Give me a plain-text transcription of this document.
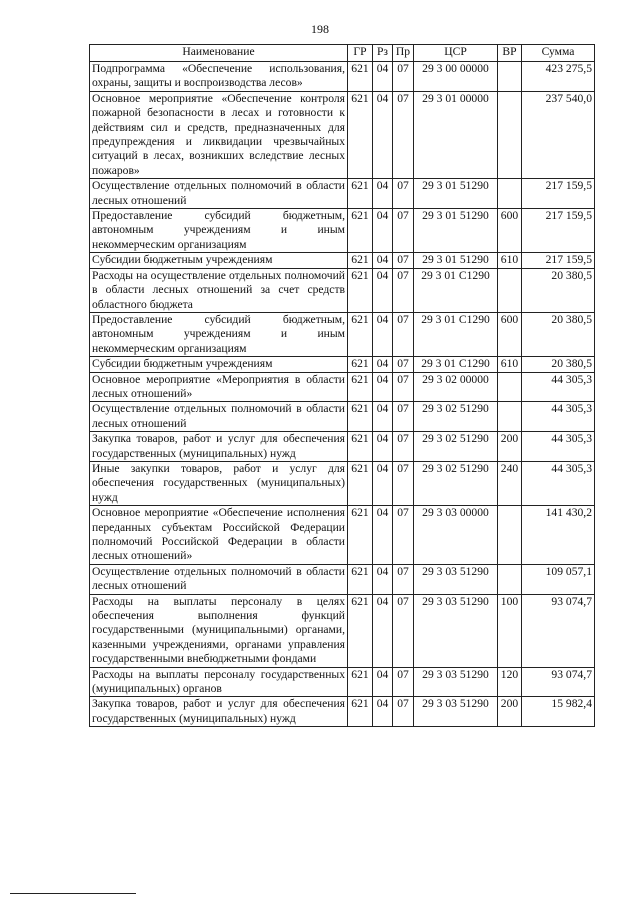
198
Наименование	ГР	Рз	Пр	ЦСР	ВР	Сумма
Подпрограмма «Обеспечение использования, охраны, защиты и воспроизводства лесов»	621	04	07	29 3 00 00000		423 275,5
Основное мероприятие «Обеспечение контроля пожарной безопасности в лесах и готовности к действиям сил и средств, предназначенных для предупреждения и ликвидации чрезвычайных ситуаций в лесах, возникших вследствие лесных пожаров»	621	04	07	29 3 01 00000		237 540,0
Осуществление отдельных полномочий в области лесных отношений	621	04	07	29 3 01 51290		217 159,5
Предоставление субсидий бюджетным, автономным учреждениям и иным некоммерческим организациям	621	04	07	29 3 01 51290	600	217 159,5
Субсидии бюджетным учреждениям	621	04	07	29 3 01 51290	610	217 159,5
Расходы на осуществление отдельных полномочий в области лесных отношений за счет средств областного бюджета	621	04	07	29 3 01 С1290		20 380,5
Предоставление субсидий бюджетным, автономным учреждениям и иным некоммерческим организациям	621	04	07	29 3 01 С1290	600	20 380,5
Субсидии бюджетным учреждениям	621	04	07	29 3 01 С1290	610	20 380,5
Основное мероприятие «Мероприятия в области лесных отношений»	621	04	07	29 3 02 00000		44 305,3
Осуществление отдельных полномочий в области лесных отношений	621	04	07	29 3 02 51290		44 305,3
Закупка товаров, работ и услуг для обеспечения государственных (муниципальных) нужд	621	04	07	29 3 02 51290	200	44 305,3
Иные закупки товаров, работ и услуг для обеспечения государственных (муниципальных) нужд	621	04	07	29 3 02 51290	240	44 305,3
Основное мероприятие «Обеспечение исполнения переданных субъектам Российской Федерации полномочий Российской Федерации в области лесных отношений»	621	04	07	29 3 03 00000		141 430,2
Осуществление отдельных полномочий в области лесных отношений	621	04	07	29 3 03 51290		109 057,1
Расходы на выплаты персоналу в целях обеспечения выполнения функций государственными (муниципальными) органами, казенными учреждениями, органами управления государственными внебюджетными фондами	621	04	07	29 3 03 51290	100	93 074,7
Расходы на выплаты персоналу государственных (муниципальных) органов	621	04	07	29 3 03 51290	120	93 074,7
Закупка товаров, работ и услуг для обеспечения государственных (муниципальных) нужд	621	04	07	29 3 03 51290	200	15 982,4
